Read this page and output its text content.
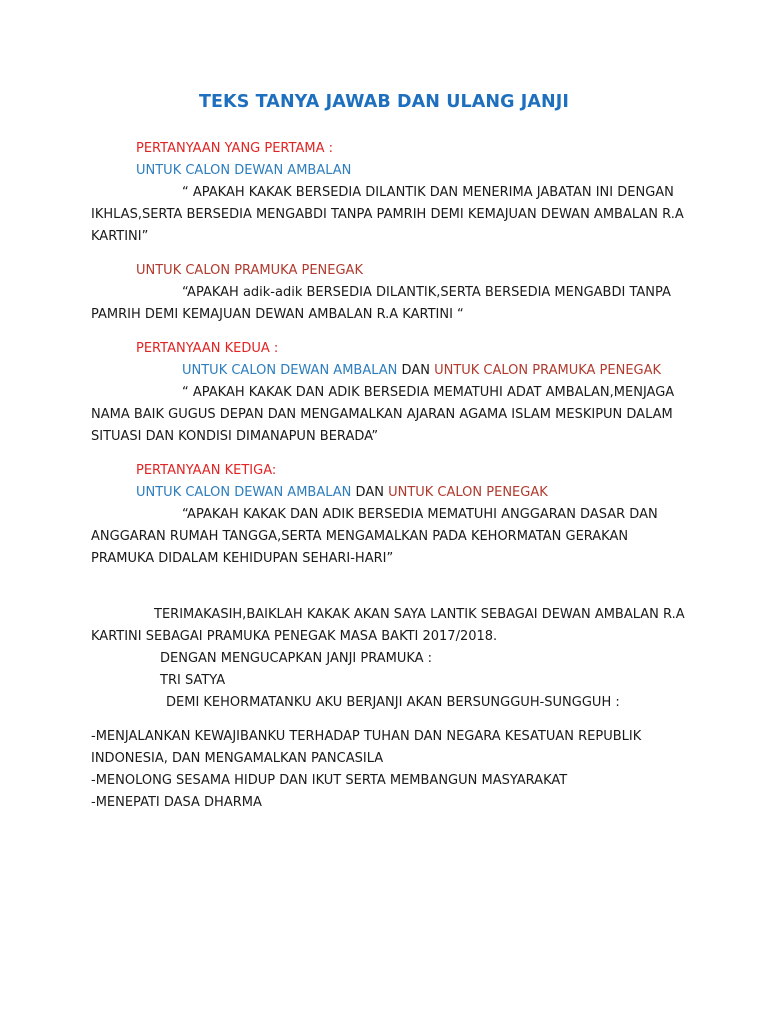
TEKS TANYA JAWAB DAN ULANG JANJI
PERTANYAAN YANG PERTAMA :
UNTUK CALON DEWAN AMBALAN
“ APAKAH KAKAK BERSEDIA DILANTIK DAN MENERIMA JABATAN INI DENGAN
IKHLAS,SERTA BERSEDIA MENGABDI TANPA PAMRIH DEMI KEMAJUAN DEWAN AMBALAN R.A
KARTINI”
UNTUK CALON PRAMUKA PENEGAK
“APAKAH adik-adik BERSEDIA DILANTIK,SERTA BERSEDIA MENGABDI TANPA
PAMRIH DEMI KEMAJUAN DEWAN AMBALAN R.A KARTINI “
PERTANYAAN KEDUA :
UNTUK CALON DEWAN AMBALAN DAN UNTUK CALON PRAMUKA PENEGAK
“ APAKAH KAKAK DAN ADIK BERSEDIA MEMATUHI ADAT AMBALAN,MENJAGA
NAMA BAIK GUGUS DEPAN DAN MENGAMALKAN AJARAN AGAMA ISLAM MESKIPUN DALAM
SITUASI DAN KONDISI DIMANAPUN BERADA”
PERTANYAAN KETIGA:
UNTUK CALON DEWAN AMBALAN DAN UNTUK CALON PENEGAK
“APAKAH KAKAK DAN ADIK BERSEDIA MEMATUHI ANGGARAN DASAR DAN
ANGGARAN RUMAH TANGGA,SERTA MENGAMALKAN PADA KEHORMATAN GERAKAN
PRAMUKA DIDALAM KEHIDUPAN SEHARI-HARI”
TERIMAKASIH,BAIKLAH KAKAK AKAN SAYA LANTIK SEBAGAI DEWAN AMBALAN R.A
KARTINI SEBAGAI PRAMUKA PENEGAK MASA BAKTI 2017/2018.
DENGAN MENGUCAPKAN JANJI PRAMUKA :
TRI SATYA
DEMI KEHORMATANKU AKU BERJANJI AKAN BERSUNGGUH-SUNGGUH :
-MENJALANKAN KEWAJIBANKU TERHADAP TUHAN DAN NEGARA KESATUAN REPUBLIK
INDONESIA, DAN MENGAMALKAN PANCASILA
-MENOLONG SESAMA HIDUP DAN IKUT SERTA MEMBANGUN MASYARAKAT
-MENEPATI DASA DHARMA
